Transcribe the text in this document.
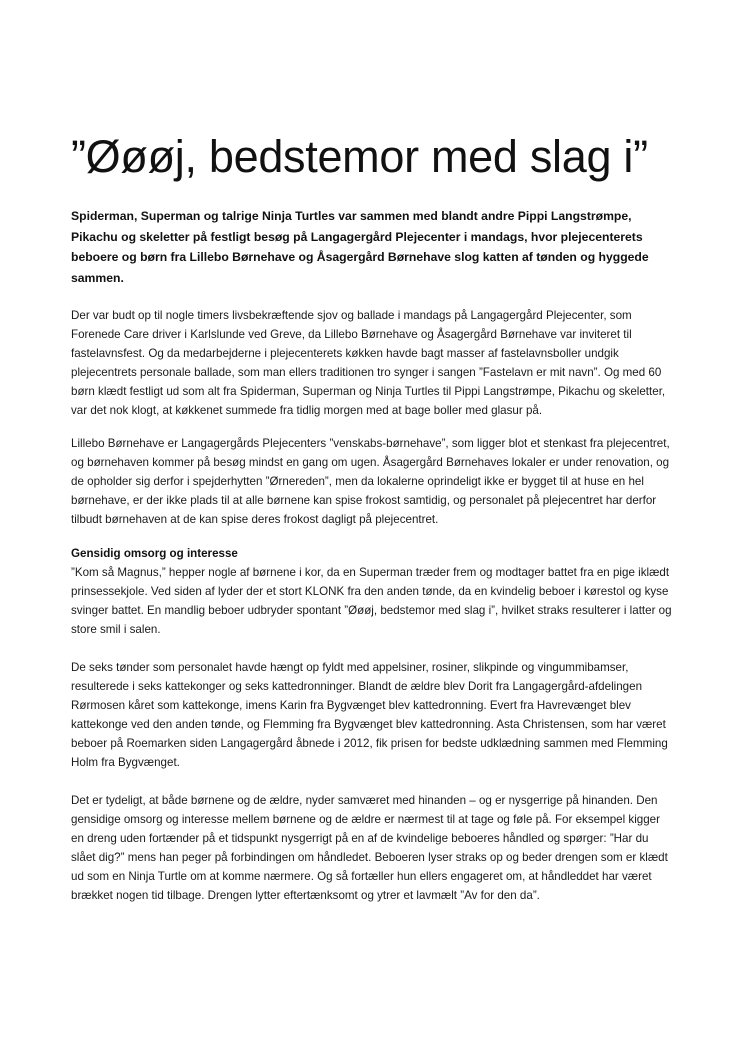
”Øøøj, bedstemor med slag i”

Spiderman, Superman og talrige Ninja Turtles var sammen med blandt andre Pippi Langstrømpe, Pikachu og skeletter på festligt besøg på Langagergård Plejecenter i mandags, hvor plejecenterets beboere og børn fra Lillebo Børnehave og Åsagergård Børnehave slog katten af tønden og hyggede sammen.

Der var budt op til nogle timers livsbekræftende sjov og ballade i mandags på Langagergård Plejecenter, som Forenede Care driver i Karlslunde ved Greve, da Lillebo Børnehave og Åsagergård Børnehave var inviteret til fastelavnsfest. Og da medarbejderne i plejecenterets køkken havde bagt masser af fastelavnsboller undgik plejecentrets personale ballade, som man ellers traditionen tro synger i sangen ”Fastelavn er mit navn”. Og med 60 børn klædt festligt ud som alt fra Spiderman, Superman og Ninja Turtles til Pippi Langstrømpe, Pikachu og skeletter, var det nok klogt, at køkkenet summede fra tidlig morgen med at bage boller med glasur på.

Lillebo Børnehave er Langagergårds Plejecenters ”venskabs-børnehave”, som ligger blot et stenkast fra plejecentret, og børnehaven kommer på besøg mindst en gang om ugen. Åsagergård Børnehaves lokaler er under renovation, og de opholder sig derfor i spejderhytten ”Ørnereden”, men da lokalerne oprindeligt ikke er bygget til at huse en hel børnehave, er der ikke plads til at alle børnene kan spise frokost samtidig, og personalet på plejecentret har derfor tilbudt børnehaven at de kan spise deres frokost dagligt på plejecentret.

Gensidig omsorg og interesse

”Kom så Magnus,” hepper nogle af børnene i kor, da en Superman træder frem og modtager battet fra en pige iklædt prinsessekjole. Ved siden af lyder der et stort KLONK fra den anden tønde, da en kvindelig beboer i kørestol og kyse svinger battet. En mandlig beboer udbryder spontant ”Øøøj, bedstemor med slag i”, hvilket straks resulterer i latter og store smil i salen.

De seks tønder som personalet havde hængt op fyldt med appelsiner, rosiner, slikpinde og vingummibamser, resulterede i seks kattekonger og seks kattedronninger. Blandt de ældre blev Dorit fra Langagergård-afdelingen Rørmosen kåret som kattekonge, imens Karin fra Bygvænget blev kattedronning. Evert fra Havrevænget blev kattekonge ved den anden tønde, og Flemming fra Bygvænget blev kattedronning. Asta Christensen, som har været beboer på Roemarken siden Langagergård åbnede i 2012, fik prisen for bedste udklædning sammen med Flemming Holm fra Bygvænget.

Det er tydeligt, at både børnene og de ældre, nyder samværet med hinanden – og er nysgerrige på hinanden. Den gensidige omsorg og interesse mellem børnene og de ældre er nærmest til at tage og føle på. For eksempel kigger en dreng uden fortænder på et tidspunkt nysgerrigt på en af de kvindelige beboeres håndled og spørger: ”Har du slået dig?” mens han peger på forbindingen om håndledet. Beboeren lyser straks op og beder drengen som er klædt ud som en Ninja Turtle om at komme nærmere. Og så fortæller hun ellers engageret om, at håndleddet har været brækket nogen tid tilbage. Drengen lytter eftertænksomt og ytrer et lavmælt ”Av for den da”.
